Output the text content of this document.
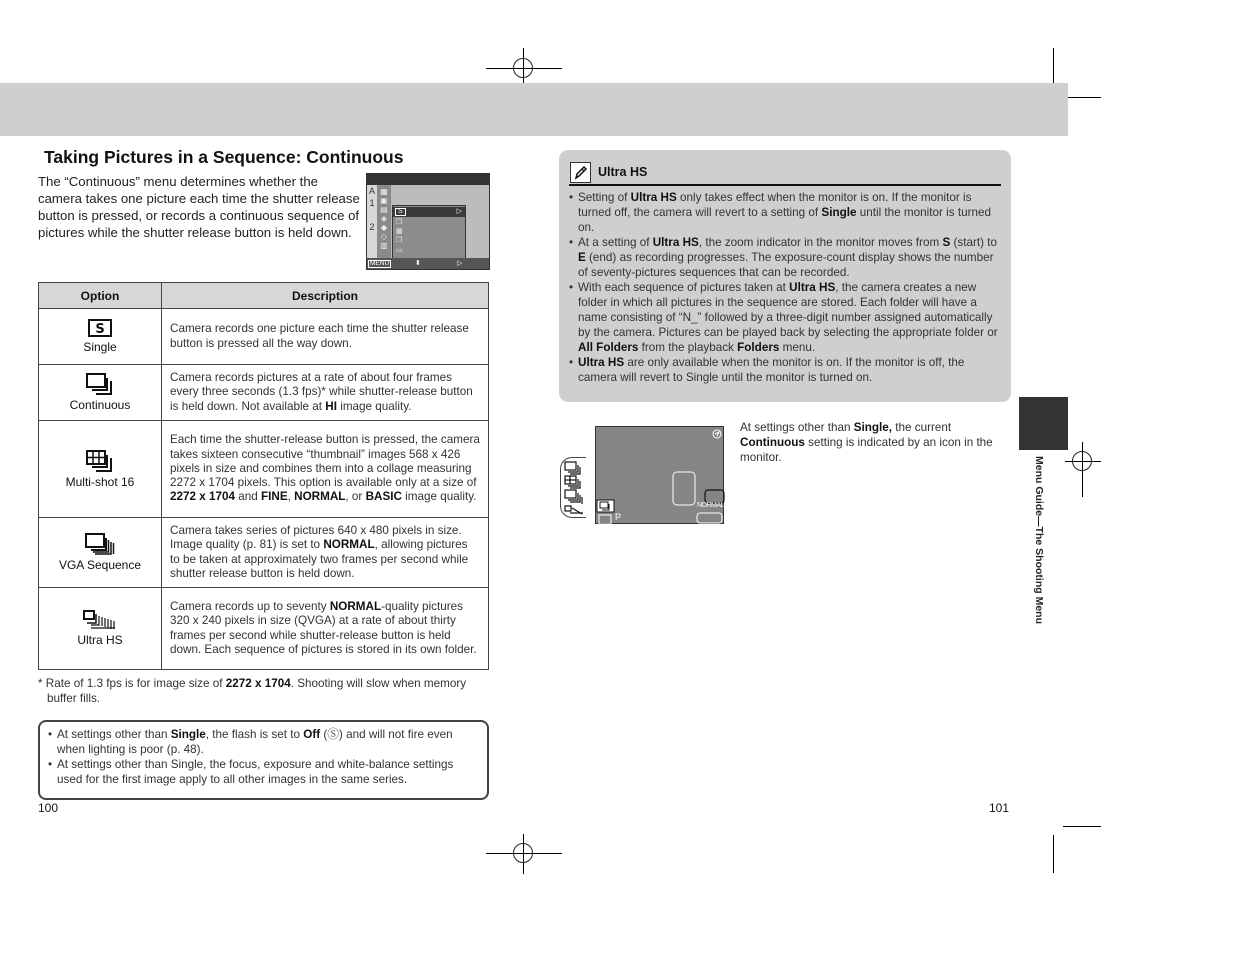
Taking Pictures in a Sequence: Continuous

The “Continuous” menu determines whether the camera takes one picture each time the shutter release button is pressed, or records a continuous sequence of pictures while the shutter release button is held down.

A
1
2
▦
▣
▤
◈
◆
◇
▥
S	▷
❐
▦
❐
▭
MENU	⬍	▷
Option	Description

S
Single	Camera records one picture each time the shutter release button is pressed all the way down.

Continuous	Camera records pictures at a rate of about four frames every three seconds (1.3 fps)* while shutter-release button is held down. Not available at HI image quality.

Multi-shot 16	Each time the shutter-release button is pressed, the camera takes sixteen consecutive “thumbnail” images 568 x 426 pixels in size and combines them into a collage measuring 2272 x 1704 pixels. This option is available only at a size of 2272 x 1704 and FINE, NORMAL, or BASIC image quality.

VGA Sequence	Camera takes series of pictures 640 x 480 pixels in size. Image quality (p. 81) is set to NORMAL, allowing pictures to be taken at approximately two frames per second while shutter release button is held down.

Ultra HS	Camera records up to seventy NORMAL-quality pictures 320 x 240 pixels in size (QVGA) at a rate of about thirty frames per second while shutter-release button is held down. Each sequence of pictures is stored in its own folder.

* Rate of 1.3 fps is for image size of 2272 x 1704. Shooting will slow when memory buffer fills.

• At settings other than Single, the flash is set to Off (Ⓢ) and will not fire even when lighting is poor (p. 48).
• At settings other than Single, the focus, exposure and white-balance settings used for the first image apply to all other images in the same series.
100
Ultra HS
• Setting of Ultra HS only takes effect when the monitor is on. If the monitor is turned off, the camera will revert to a setting of Single until the monitor is turned on.
• At a setting of Ultra HS, the zoom indicator in the monitor moves from S (start) to E (end) as recording progresses. The exposure-count display shows the number of seventy-pictures sequences that can be recorded.
• With each sequence of pictures taken at Ultra HS, the camera creates a new folder in which all pictures in the sequence are stored. Each folder will have a name consisting of “N_” followed by a three-digit number assigned automatically by the camera. Pictures can be played back by selecting the appropriate folder or All Folders from the playback Folders menu.
• Ultra HS are only available when the monitor is on. If the monitor is off, the camera will revert to Single until the monitor is turned on.
P
NORMAL

At settings other than Single, the current Continuous setting is indicated by an icon in the monitor.	Menu Guide—The Shooting Menu
101
